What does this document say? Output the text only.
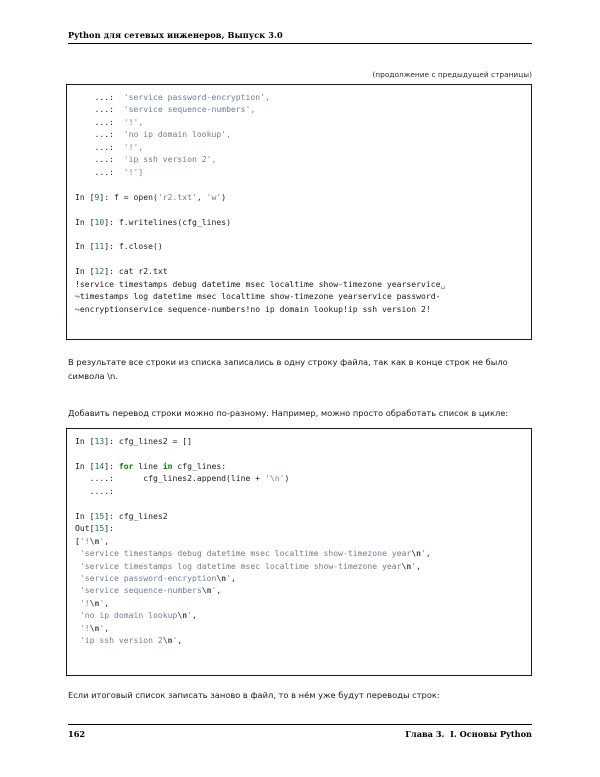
Python для сетевых инженеров, Выпуск 3.0
(продолжение с предыдущей страницы)
...:  'service password-encryption',
...:  'service sequence-numbers',
...:  '!',
...:  'no ip domain lookup',
...:  '!',
...:  'ip ssh version 2',
...:  '!']

In [9]: f = open('r2.txt', 'w')

In [10]: f.writelines(cfg_lines)

In [11]: f.close()

In [12]: cat r2.txt
!service timestamps debug datetime msec localtime show-timezone yearservice␣
↪timestamps log datetime msec localtime show-timezone yearservice password-
↪encryptionservice sequence-numbers!no ip domain lookup!ip ssh version 2!
В результате все строки из списка записались в одну строку файла, так как в конце строк не было символа \n.
Добавить перевод строки можно по-разному. Например, можно просто обработать список в цикле:
In [13]: cfg_lines2 = []

In [14]: for line in cfg_lines:
....:      cfg_lines2.append(line + '\n')
....:

In [15]: cfg_lines2
Out[15]:
['!\n',
'service timestamps debug datetime msec localtime show-timezone year\n',
'service timestamps log datetime msec localtime show-timezone year\n',
'service password-encryption\n',
'service sequence-numbers\n',
'!\n',
'no ip domain lookup\n',
'!\n',
'ip ssh version 2\n',
Если итоговый список записать заново в файл, то в нём уже будут переводы строк:
162	Глава 3.  I. Основы Python
